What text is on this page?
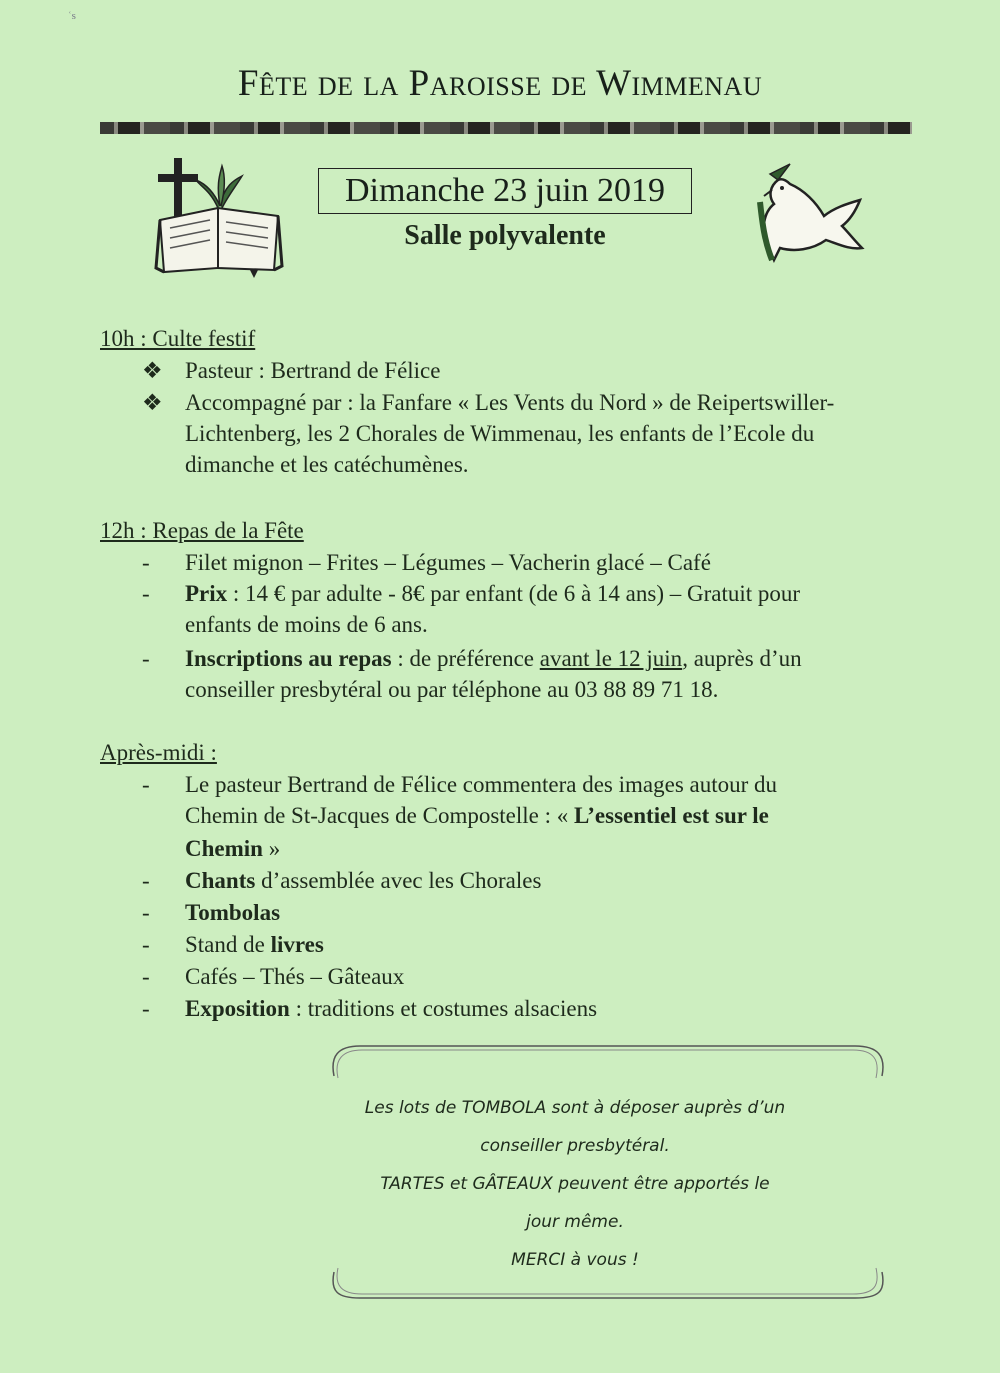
ʿs
Fête de la Paroisse de Wimmenau
Dimanche 23 juin 2019
Salle polyvalente
10h : Culte festif
❖ Pasteur : Bertrand de Félice
❖ Accompagné par : la Fanfare « Les Vents du Nord » de Reipertswiller-
Lichtenberg, les 2 Chorales de Wimmenau, les enfants de l’Ecole du
dimanche et les catéchumènes.
12h : Repas de la Fête
- Filet mignon – Frites – Légumes – Vacherin glacé – Café
- Prix : 14 € par adulte - 8€ par enfant (de 6 à 14 ans) – Gratuit pour
enfants de moins de 6 ans.
- Inscriptions au repas : de préférence avant le 12 juin, auprès d’un
conseiller presbytéral ou par téléphone au 03 88 89 71 18.
Après-midi :
- Le pasteur Bertrand de Félice commentera des images autour du
Chemin de St-Jacques de Compostelle : « L’essentiel est sur le
Chemin »
- Chants d’assemblée avec les Chorales
- Tombolas
- Stand de livres
- Cafés – Thés – Gâteaux
- Exposition : traditions et costumes alsaciens
Les lots de TOMBOLA sont à déposer auprès d’un
conseiller presbytéral.
TARTES et GÂTEAUX peuvent être apportés le
jour même.
MERCI à vous !
